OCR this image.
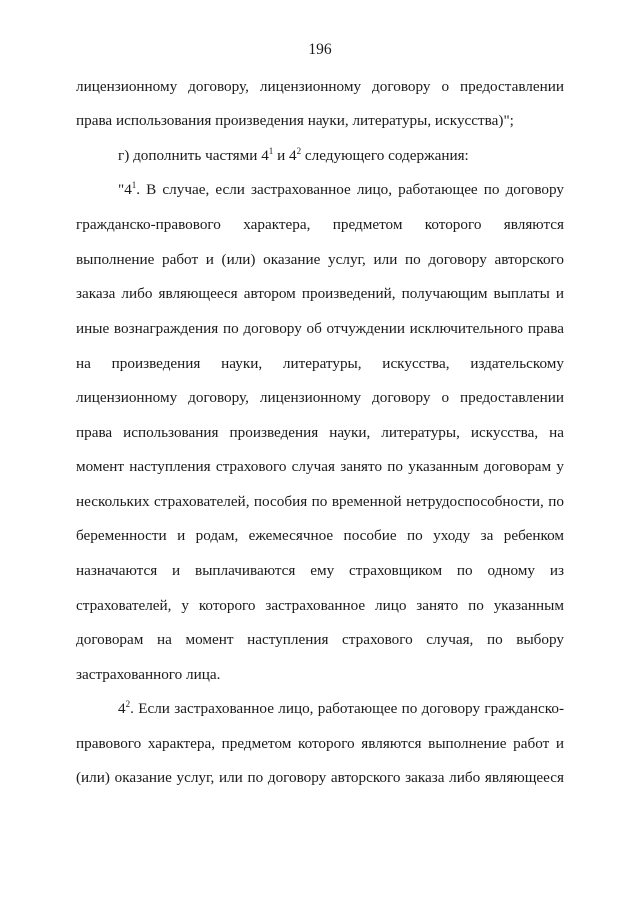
196
лицензионному договору, лицензионному договору о предоставлении
права использования произведения науки, литературы, искусства)";
г) дополнить частями $4^1$ и $4^2$ следующего содержания:
"$4^1$. В случае, если застрахованное лицо, работающее по договору
гражданско-правового характера, предметом которого являются
выполнение работ и (или) оказание услуг, или по договору авторского
заказа либо являющееся автором произведений, получающим выплаты и
иные вознаграждения по договору об отчуждении исключительного права
на произведения науки, литературы, искусства, издательскому
лицензионному договору, лицензионному договору о предоставлении
права использования произведения науки, литературы, искусства, на
момент наступления страхового случая занято по указанным договорам у
нескольких страхователей, пособия по временной нетрудоспособности, по
беременности и родам, ежемесячное пособие по уходу за ребенком
назначаются и выплачиваются ему страховщиком по одному из
страхователей, у которого застрахованное лицо занято по указанным
договорам на момент наступления страхового случая, по выбору
застрахованного лица.
$4^2$. Если застрахованное лицо, работающее по договору гражданско-
правового характера, предметом которого являются выполнение работ и
(или) оказание услуг, или по договору авторского заказа либо являющееся
